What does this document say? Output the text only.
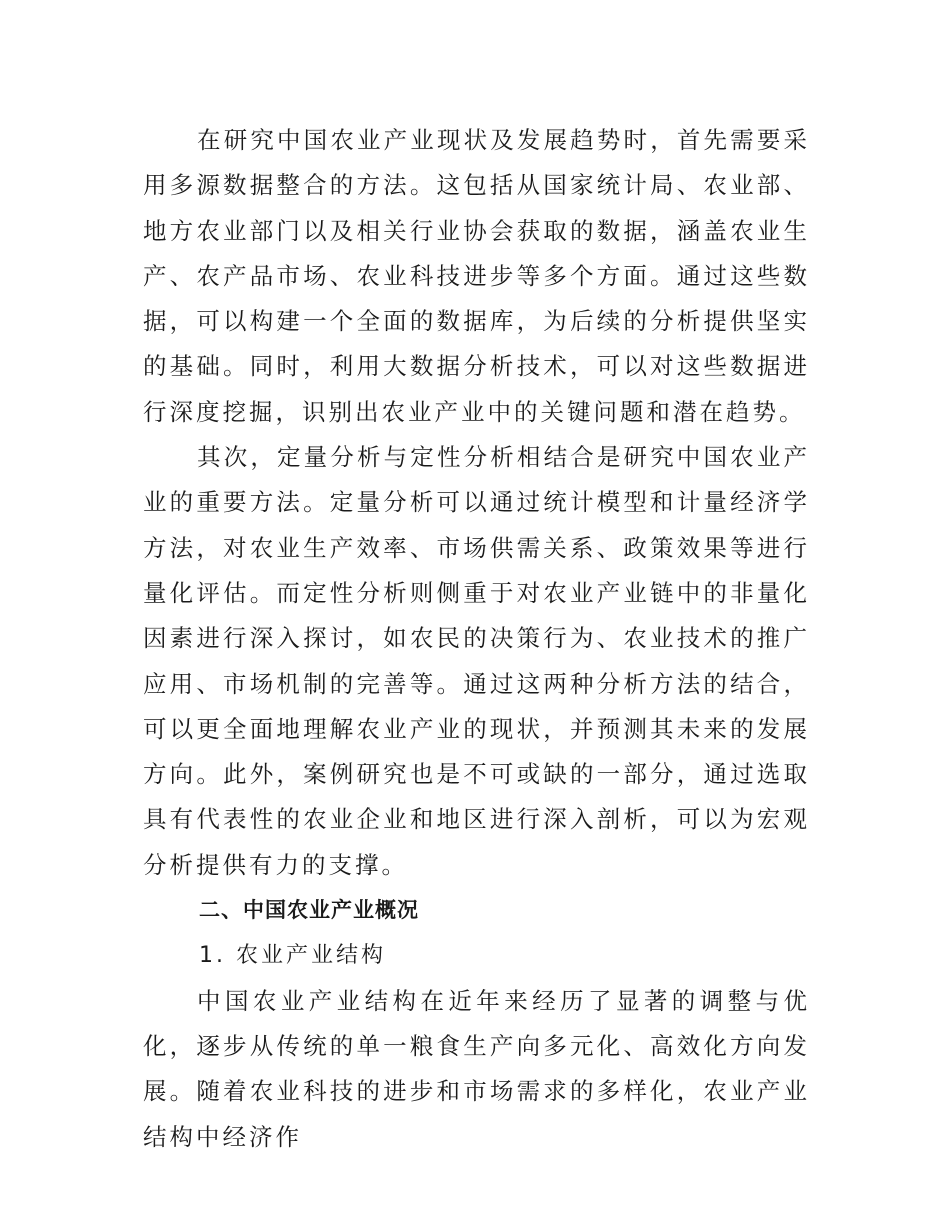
在研究中国农业产业现状及发展趋势时，首先需要采用多源数据整合的方法。这包括从国家统计局、农业部、地方农业部门以及相关行业协会获取的数据，涵盖农业生产、农产品市场、农业科技进步等多个方面。通过这些数据，可以构建一个全面的数据库，为后续的分析提供坚实的基础。同时，利用大数据分析技术，可以对这些数据进行深度挖掘，识别出农业产业中的关键问题和潜在趋势。

其次，定量分析与定性分析相结合是研究中国农业产业的重要方法。定量分析可以通过统计模型和计量经济学方法，对农业生产效率、市场供需关系、政策效果等进行量化评估。而定性分析则侧重于对农业产业链中的非量化因素进行深入探讨，如农民的决策行为、农业技术的推广应用、市场机制的完善等。通过这两种分析方法的结合，可以更全面地理解农业产业的现状，并预测其未来的发展方向。此外，案例研究也是不可或缺的一部分，通过选取具有代表性的农业企业和地区进行深入剖析，可以为宏观分析提供有力的支撑。

二、中国农业产业概况

1. 农业产业结构

中国农业产业结构在近年来经历了显著的调整与优化，逐步从传统的单一粮食生产向多元化、高效化方向发展。随着农业科技的进步和市场需求的多样化，农业产业结构中经济作
